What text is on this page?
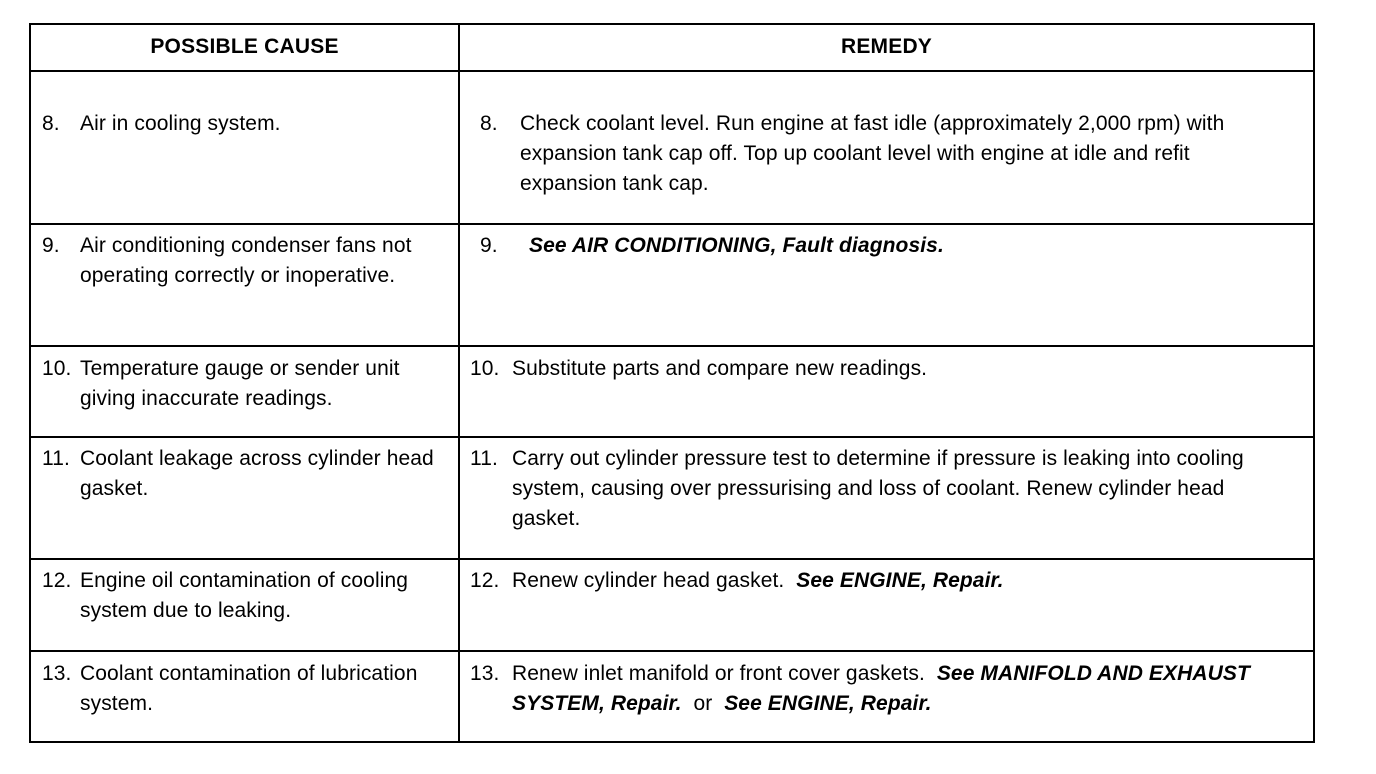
POSSIBLE CAUSE	REMEDY

8. Air in cooling system.	8. Check coolant level. Run engine at fast idle (approximately 2,000 rpm) with expansion tank cap off. Top up coolant level with engine at idle and refit expansion tank cap.

9. Air conditioning condenser fans not operating correctly or inoperative.	9. See AIR CONDITIONING, Fault diagnosis.

10. Temperature gauge or sender unit giving inaccurate readings.	10. Substitute parts and compare new readings.

11. Coolant leakage across cylinder head gasket.	11. Carry out cylinder pressure test to determine if pressure is leaking into cooling system, causing over pressurising and loss of coolant. Renew cylinder head gasket.

12. Engine oil contamination of cooling system due to leaking.	12. Renew cylinder head gasket. See ENGINE, Repair.

13. Coolant contamination of lubrication system.	13. Renew inlet manifold or front cover gaskets. See MANIFOLD AND EXHAUST SYSTEM, Repair. or See ENGINE, Repair.
